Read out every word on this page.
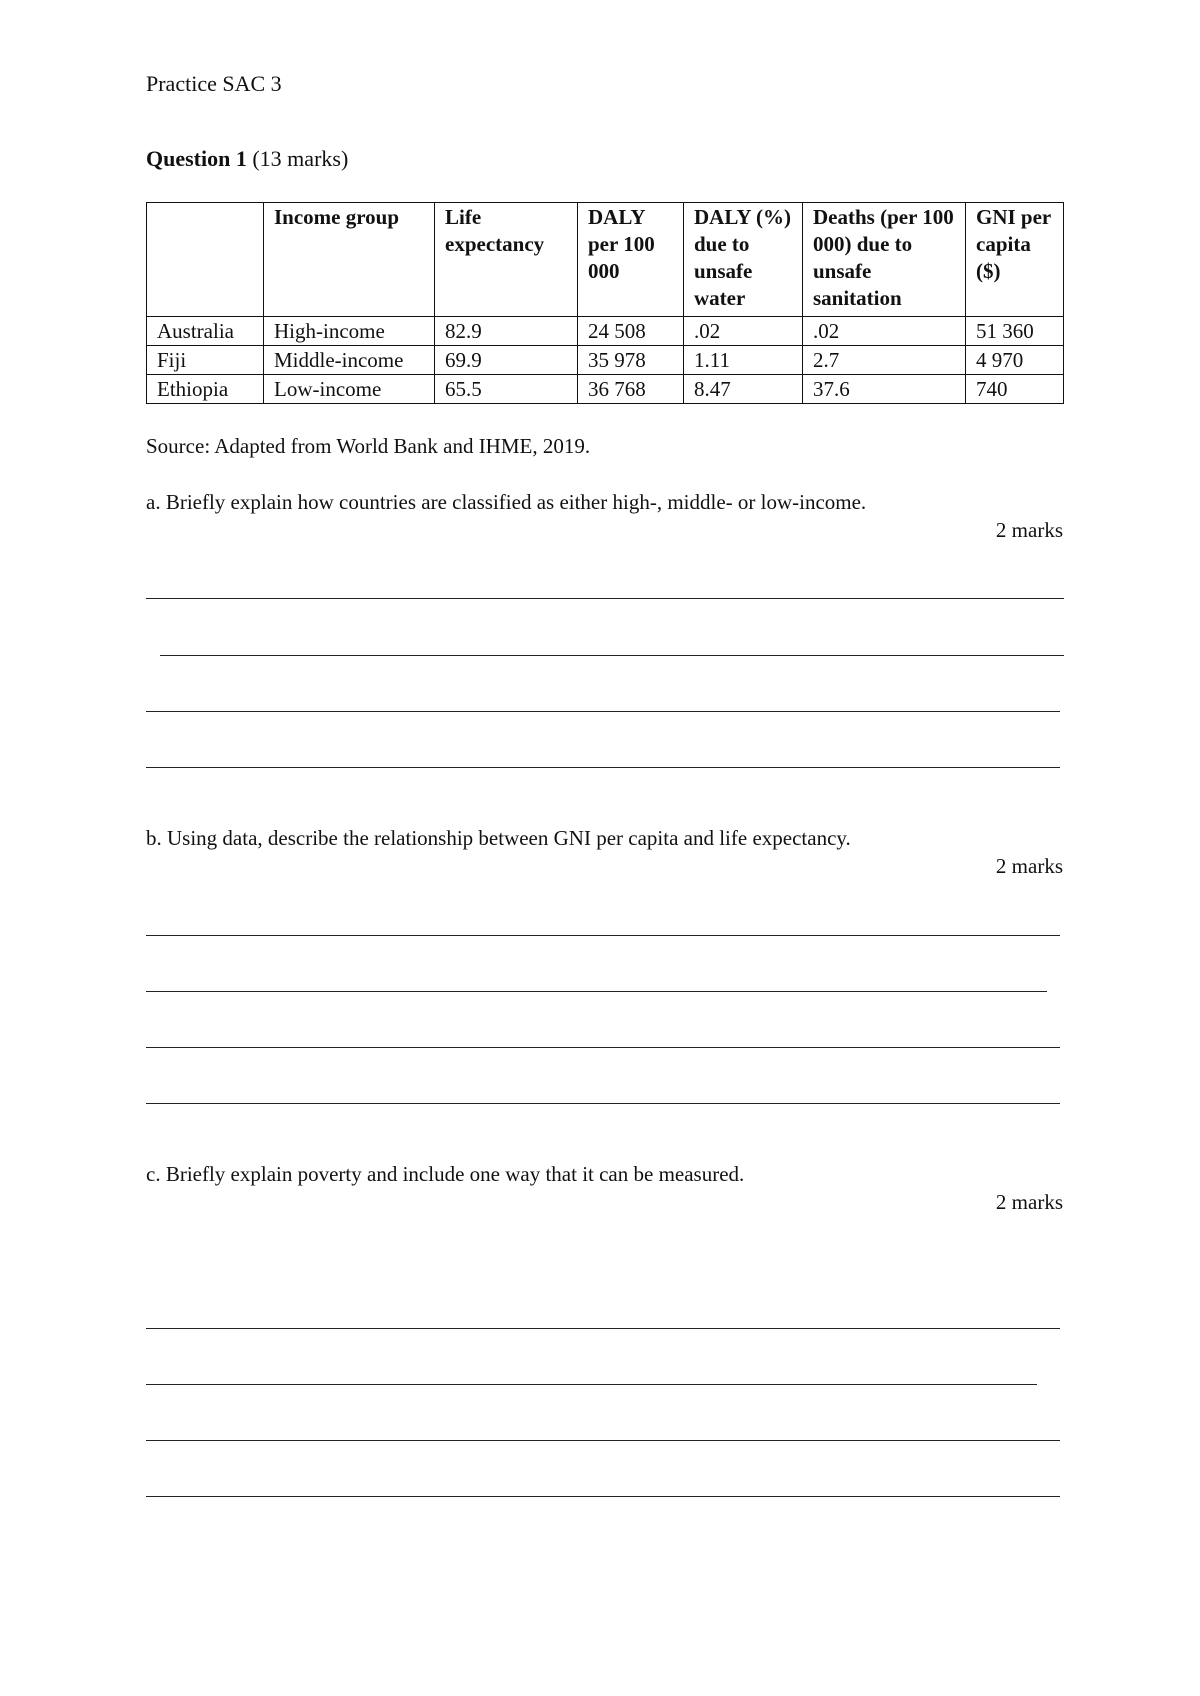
Practice SAC 3
Question 1 (13 marks)
	Income group	Life expectancy	DALY per 100 000	DALY (%) due to unsafe water	Deaths (per 100 000) due to unsafe sanitation	GNI per capita ($)
Australia	High-income	82.9	24 508	.02	.02	51 360
Fiji	Middle-income	69.9	35 978	1.11	2.7	4 970
Ethiopia	Low-income	65.5	36 768	8.47	37.6	740
Source: Adapted from World Bank and IHME, 2019.
a. Briefly explain how countries are classified as either high-, middle- or low-income.
2 marks
b. Using data, describe the relationship between GNI per capita and life expectancy.
2 marks
c. Briefly explain poverty and include one way that it can be measured.
2 marks
